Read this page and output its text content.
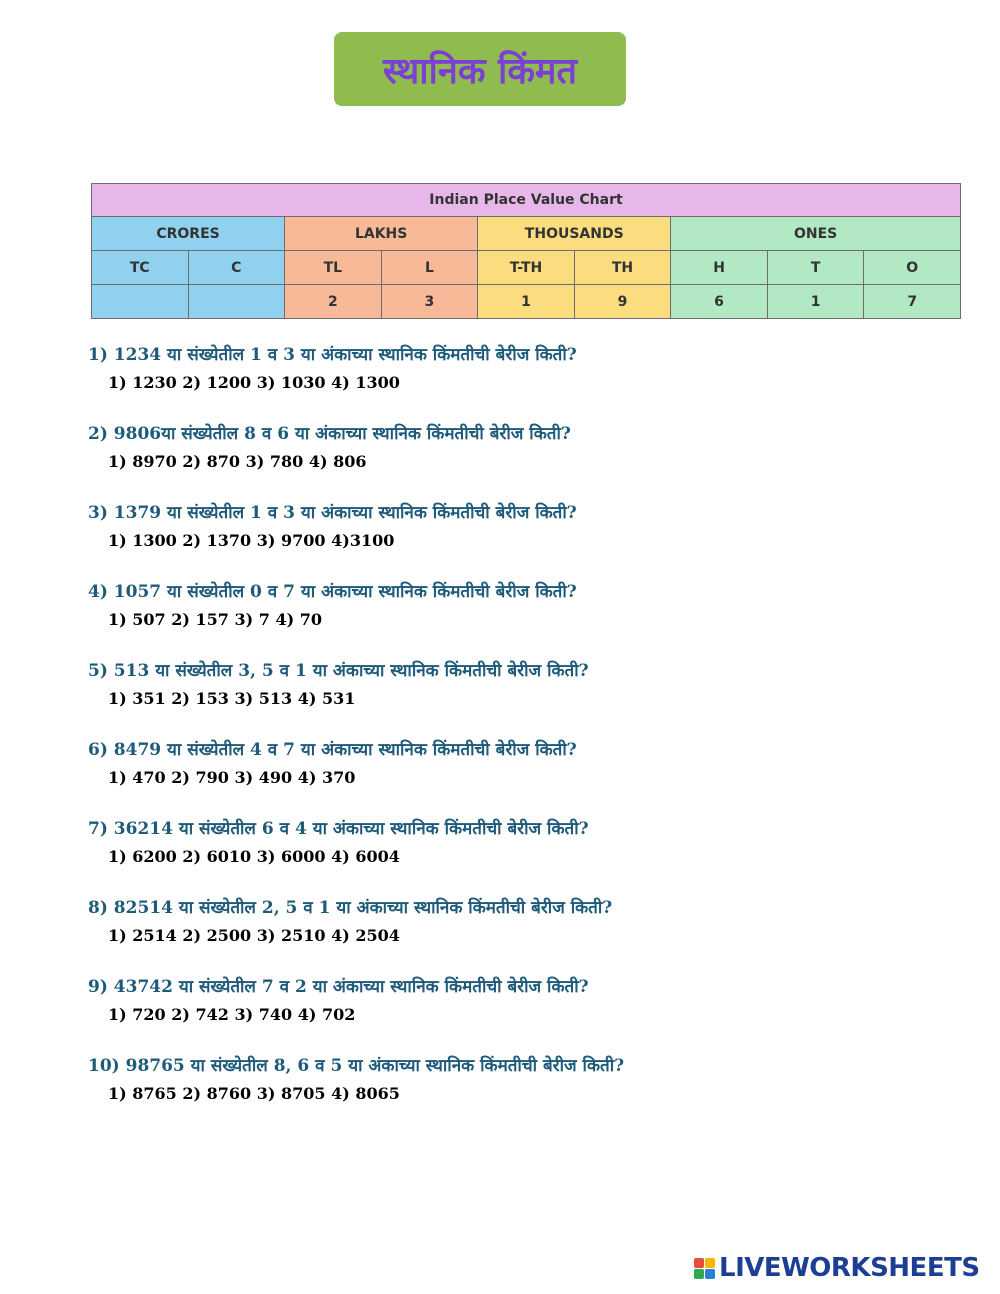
स्थानिक किंमत
Indian Place Value Chart								
CRORES		LAKHS		THOUSANDS		ONES		
TC	C	TL	L	T-TH	TH	H	T	O
		2	3	1	9	6	1	7
1) 1234 या संख्येतील 1 व 3 या अंकाच्या स्थानिक किंमतीची बेरीज किती?
1) 1230 2) 1200 3) 1030 4) 1300
2) 9806या संख्येतील 8 व 6 या अंकाच्या स्थानिक किंमतीची बेरीज किती?
1) 8970 2) 870 3) 780 4) 806
3) 1379 या संख्येतील 1 व 3 या अंकाच्या स्थानिक किंमतीची बेरीज किती?
1) 1300 2) 1370 3) 9700 4)3100
4) 1057 या संख्येतील 0 व 7 या अंकाच्या स्थानिक किंमतीची बेरीज किती?
1) 507 2) 157 3) 7 4) 70
5) 513 या संख्येतील 3, 5 व 1 या अंकाच्या स्थानिक किंमतीची बेरीज किती?
1) 351 2) 153 3) 513 4) 531
6) 8479 या संख्येतील 4 व 7 या अंकाच्या स्थानिक किंमतीची बेरीज किती?
1) 470 2) 790 3) 490 4) 370
7) 36214 या संख्येतील 6 व 4 या अंकाच्या स्थानिक किंमतीची बेरीज किती?
1) 6200 2) 6010 3) 6000 4) 6004
8) 82514 या संख्येतील 2, 5 व 1 या अंकाच्या स्थानिक किंमतीची बेरीज किती?
1) 2514 2) 2500 3) 2510 4) 2504
9) 43742 या संख्येतील 7 व 2 या अंकाच्या स्थानिक किंमतीची बेरीज किती?
1) 720 2) 742 3) 740 4) 702
10) 98765 या संख्येतील 8, 6 व 5 या अंकाच्या स्थानिक किंमतीची बेरीज किती?
1) 8765 2) 8760 3) 8705 4) 8065
LIVEWORKSHEETS
